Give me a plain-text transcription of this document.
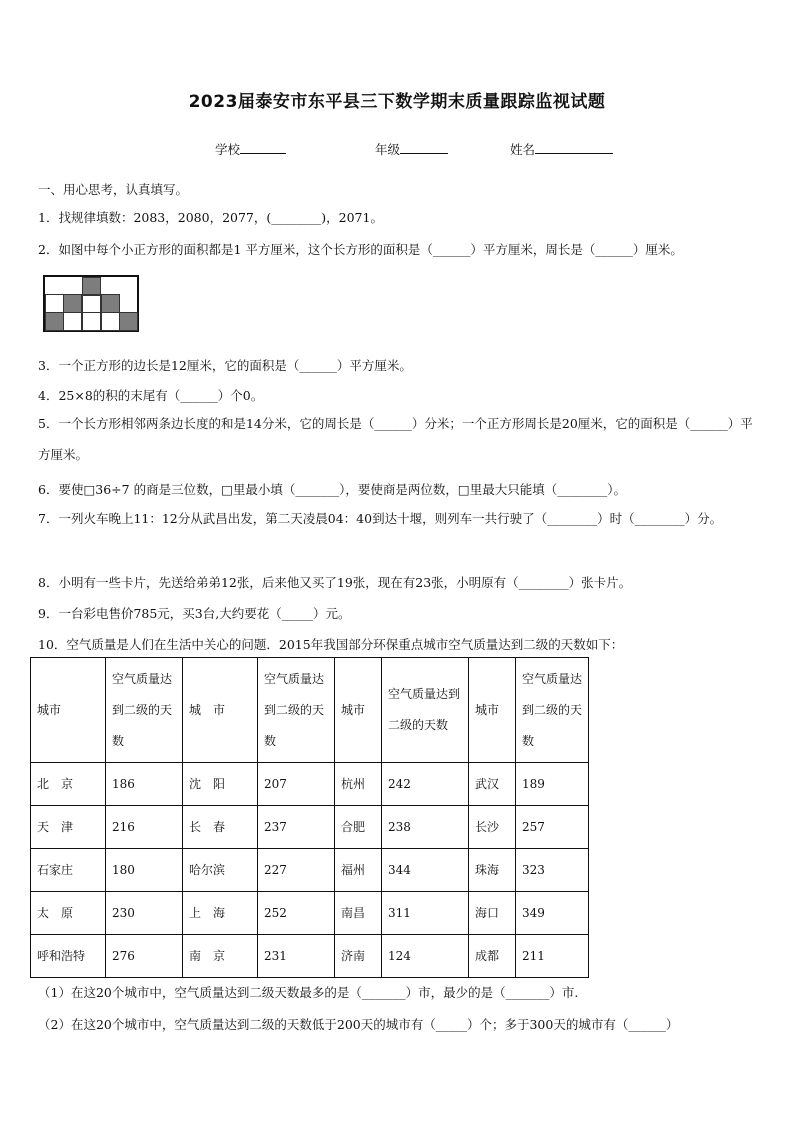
2023届泰安市东平县三下数学期末质量跟踪监视试题
学校	年级	姓名
一、用心思考，认真填写。
1．找规律填数：2083，2080，2077，(________)，2071。
2．如图中每个小正方形的面积都是1 平方厘米，这个长方形的面积是（______）平方厘米，周长是（______）厘米。
3．一个正方形的边长是12厘米，它的面积是（______）平方厘米。
4．25×8的积的末尾有（______）个0。
5．一个长方形相邻两条边长度的和是14分米，它的周长是（______）分米；一个正方形周长是20厘米，它的面积是（______）平方厘米。
6．要使□36÷7 的商是三位数，□里最小填（_______），要使商是两位数，□里最大只能填（________）。
7．一列火车晚上11：12分从武昌出发，第二天凌晨04：40到达十堰，则列车一共行驶了（________）时（________）分。
8．小明有一些卡片，先送给弟弟12张，后来他又买了19张，现在有23张，小明原有（________）张卡片。
9．一台彩电售价785元，买3台,大约要花（_____）元。
10．空气质量是人们在生活中关心的问题．2015年我国部分环保重点城市空气质量达到二级的天数如下：
城市	空气质量达到二级的天数	城　市	空气质量达到二级的天数	城市	空气质量达到二级的天数	城市	空气质量达到二级的天数
北　京	186	沈　阳	207	杭州	242	武汉	189
天　津	216	长　春	237	合肥	238	长沙	257
石家庄	180	哈尔滨	227	福州	344	珠海	323
太　原	230	上　海	252	南昌	311	海口	349
呼和浩特	276	南　京	231	济南	124	成都	211
（1）在这20个城市中，空气质量达到二级天数最多的是（_______）市，最少的是（_______）市.
（2）在这20个城市中，空气质量达到二级的天数低于200天的城市有（_____）个；多于300天的城市有（______）
